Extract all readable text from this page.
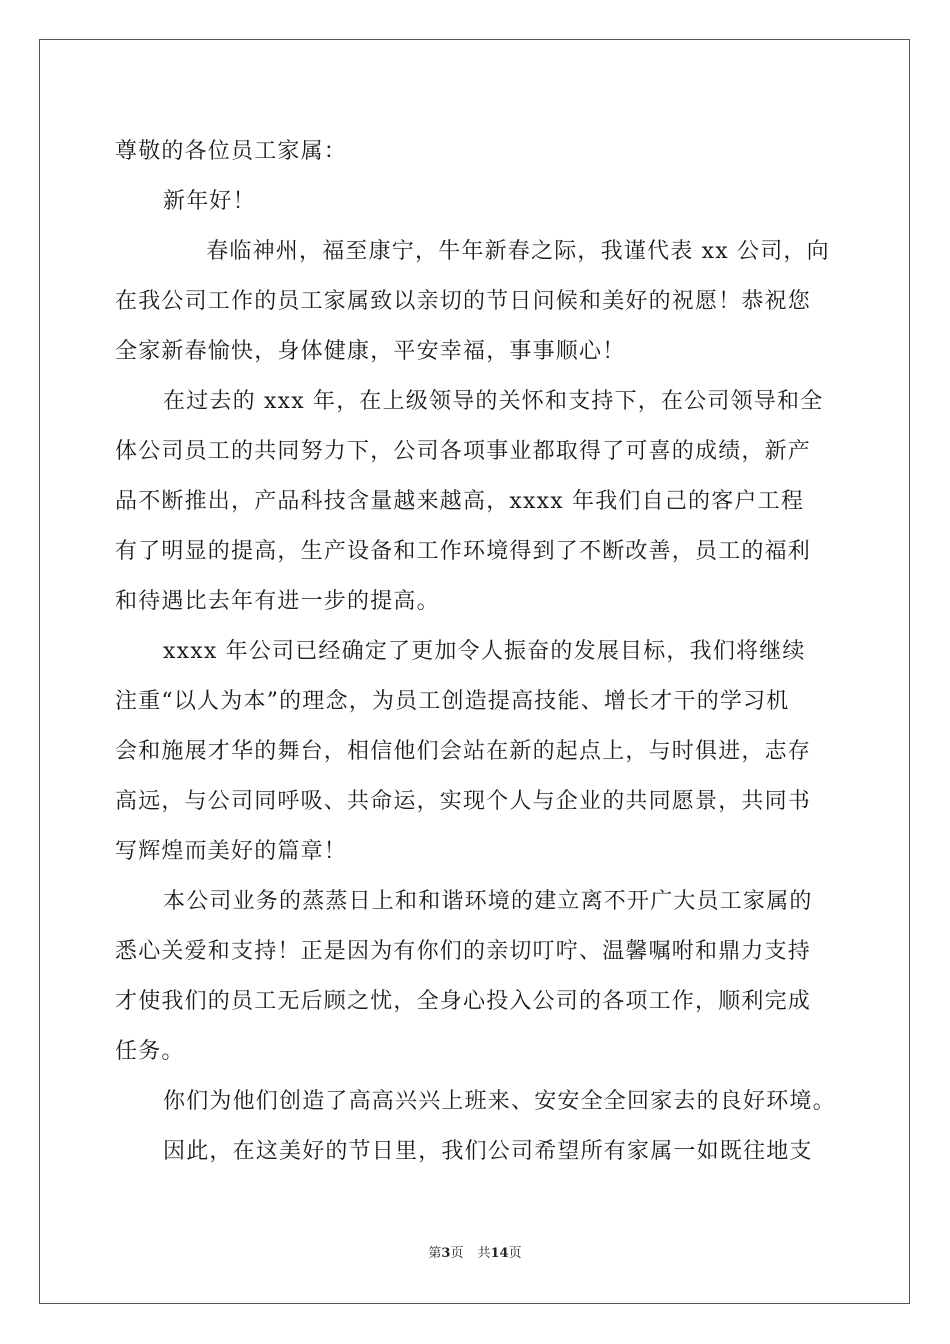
尊敬的各位员工家属：
新年好！
春临神州，福至康宁，牛年新春之际，我谨代表 xx 公司，向
在我公司工作的员工家属致以亲切的节日问候和美好的祝愿！恭祝您
全家新春愉快，身体健康，平安幸福，事事顺心！
在过去的 xxx 年，在上级领导的关怀和支持下，在公司领导和全
体公司员工的共同努力下，公司各项事业都取得了可喜的成绩，新产
品不断推出，产品科技含量越来越高，xxxx 年我们自己的客户工程
有了明显的提高，生产设备和工作环境得到了不断改善，员工的福利
和待遇比去年有进一步的提高。
xxxx 年公司已经确定了更加令人振奋的发展目标，我们将继续
注重“以人为本”的理念，为员工创造提高技能、增长才干的学习机
会和施展才华的舞台，相信他们会站在新的起点上，与时俱进，志存
高远，与公司同呼吸、共命运，实现个人与企业的共同愿景，共同书
写辉煌而美好的篇章！
本公司业务的蒸蒸日上和和谐环境的建立离不开广大员工家属的
悉心关爱和支持！正是因为有你们的亲切叮咛、温馨嘱咐和鼎力支持
才使我们的员工无后顾之忧，全身心投入公司的各项工作，顺利完成
任务。
你们为他们创造了高高兴兴上班来、安安全全回家去的良好环境。
因此，在这美好的节日里，我们公司希望所有家属一如既往地支
第3页 共14页
